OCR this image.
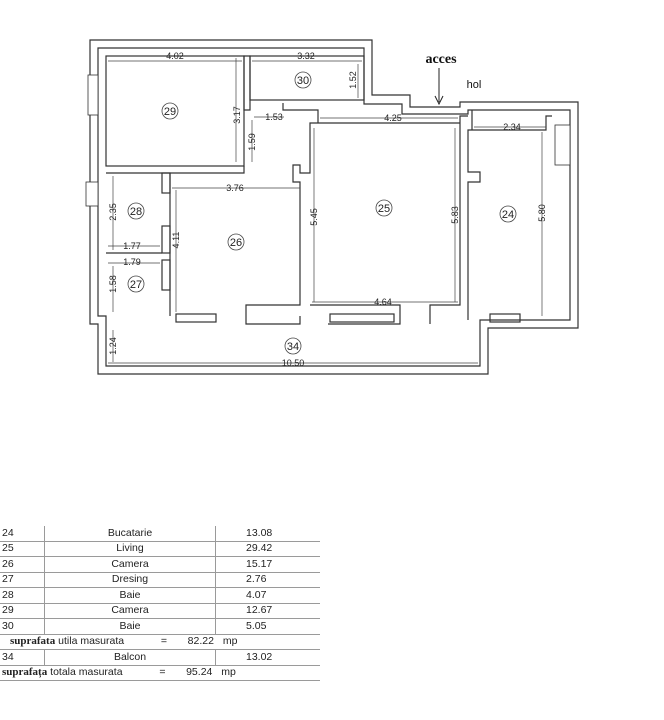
4.02
3.17
3.32
1.52
4.25
1.53
1.59
3.76
2.35
1.77
1.79
1.58
4.11
5.45
4.64
5.83
2.34
5.80
10.50
1.24
29
30
25	24
28
26
27
34
acces
hol
24	Bucatarie	13.08
25	Living	29.42
26	Camera	15.17
27	Dresing	2.76
28	Baie	4.07
29	Camera	12.67
30	Baie	5.05
suprafata utila masurata = 82.22 mp		
34	Balcon	13.02
suprafața totala masurata = 95.24 mp		
